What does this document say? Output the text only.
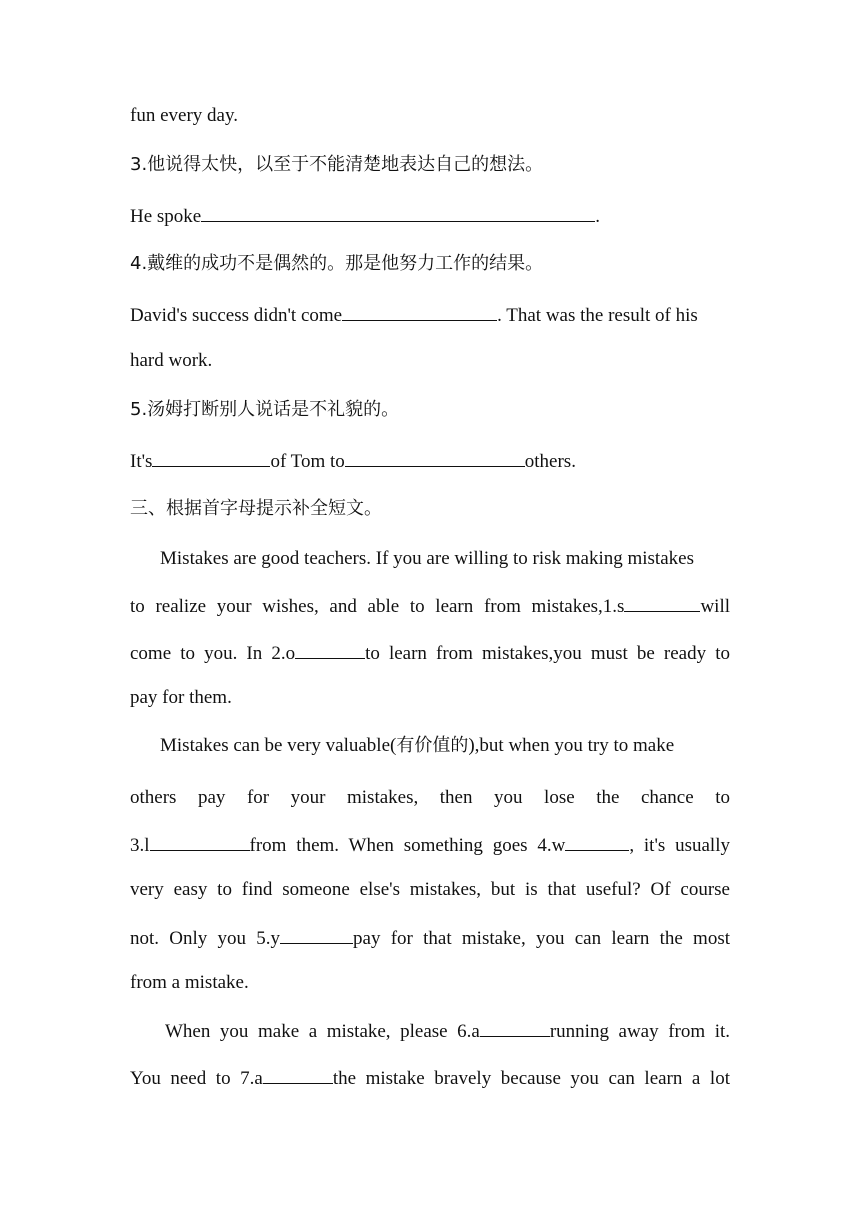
fun every day.
3.他说得太快，以至于不能清楚地表达自己的想法。
He spoke	.
4.戴维的成功不是偶然的。那是他努力工作的结果。
David's success didn't come	. That was the result of his
hard work.
5.汤姆打断别人说话是不礼貌的。
It's	of Tom to	others.
三、根据首字母提示补全短文。
Mistakes are good teachers. If you are willing to risk making mistakes
to realize your wishes, and able to learn from mistakes,1.s	will
come to you. In 2.o	to learn from mistakes,you must be ready to
pay for them.
Mistakes can be very valuable(有价值的),but when you try to make
others pay for your mistakes, then you lose the chance to
3.l	from them. When something goes 4.w	, it's usually
very easy to find someone else's mistakes, but is that useful? Of course
not. Only you 5.y	pay for that mistake, you can learn the most
from a mistake.
When you make a mistake, please 6.a	running away from it.
You need to 7.a	the mistake bravely because you can learn a lot
